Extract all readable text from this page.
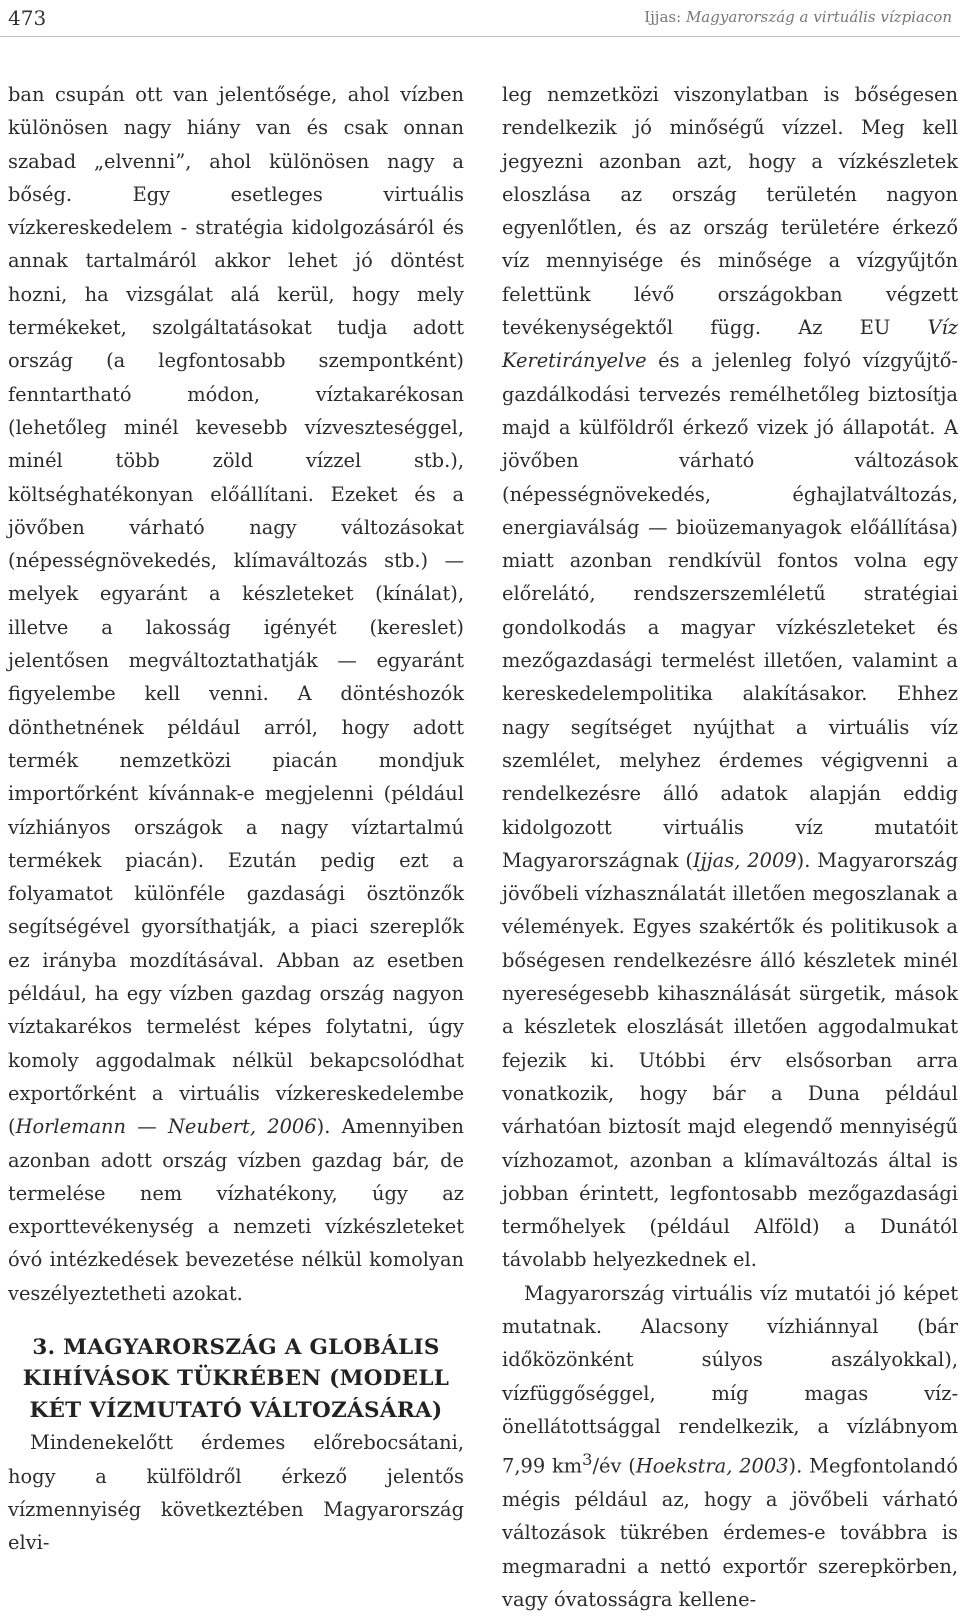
473	Ijjas: Magyarország a virtuális vízpiacon

ban csupán ott van jelentősége, ahol vízben különösen nagy hiány van és csak onnan szabad „elvenni”, ahol különösen nagy a bőség. Egy esetleges virtuális vízkereskedelem - stratégia kidolgozásáról és annak tartalmáról akkor lehet jó döntést hozni, ha vizsgálat alá kerül, hogy mely termékeket, szolgáltatásokat tudja adott ország (a legfontosabb szempontként) fenntartható módon, víztakarékosan (lehetőleg minél kevesebb vízveszteséggel, minél több zöld vízzel stb.), költséghatékonyan előállítani. Ezeket és a jövőben várható nagy változásokat (népességnövekedés, klímaváltozás stb.) — melyek egyaránt a készleteket (kínálat), illetve a lakosság igényét (kereslet) jelentősen megváltoztathatják — egyaránt figyelembe kell venni. A döntéshozók dönthetnének például arról, hogy adott termék nemzetközi piacán mondjuk importőrként kívánnak-e megjelenni (például vízhiányos országok a nagy víztartalmú termékek piacán). Ezután pedig ezt a folyamatot különféle gazdasági ösztönzők segítségével gyorsíthatják, a piaci szereplők ez irányba mozdításával. Abban az esetben például, ha egy vízben gazdag ország nagyon víztakarékos termelést képes folytatni, úgy komoly aggodalmak nélkül bekapcsolódhat exportőrként a virtuális vízkereskedelembe (Horlemann — Neubert, 2006). Amennyiben azonban adott ország vízben gazdag bár, de termelése nem vízhatékony, úgy az exporttevékenység a nemzeti vízkészleteket óvó intézkedések bevezetése nélkül komolyan veszélyeztetheti azokat.

3. MAGYARORSZÁG A GLOBÁLIS KIHÍVÁSOK TÜKRÉBEN (MODELL KÉT VÍZMUTATÓ VÁLTOZÁSÁRA)

Mindenekelőtt érdemes előrebocsátani, hogy a külföldről érkező jelentős vízmennyiség következtében Magyarország elvi-

leg nemzetközi viszonylatban is bőségesen rendelkezik jó minőségű vízzel. Meg kell jegyezni azonban azt, hogy a vízkészletek eloszlása az ország területén nagyon egyenlőtlen, és az ország területére érkező víz mennyisége és minősége a vízgyűjtőn felettünk lévő országokban végzett tevékenységektől függ. Az EU Víz Keretirányelve és a jelenleg folyó vízgyűjtő-gazdálkodási tervezés remélhetőleg biztosítja majd a külföldről érkező vizek jó állapotát. A jövőben várható változások (népességnövekedés, éghajlatváltozás, energiaválság — bioüzemanyagok előállítása) miatt azonban rendkívül fontos volna egy előrelátó, rendszerszemléletű stratégiai gondolkodás a magyar vízkészleteket és mezőgazdasági termelést illetően, valamint a kereskedelempolitika alakításakor. Ehhez nagy segítséget nyújthat a virtuális víz szemlélet, melyhez érdemes végigvenni a rendelkezésre álló adatok alapján eddig kidolgozott virtuális víz mutatóit Magyarországnak (Ijjas, 2009). Magyarország jövőbeli vízhasználatát illetően megoszlanak a vélemények. Egyes szakértők és politikusok a bőségesen rendelkezésre álló készletek minél nyereségesebb kihasználását sürgetik, mások a készletek eloszlását illetően aggodalmukat fejezik ki. Utóbbi érv elsősorban arra vonatkozik, hogy bár a Duna például várhatóan biztosít majd elegendő mennyiségű vízhozamot, azonban a klímaváltozás által is jobban érintett, legfontosabb mezőgazdasági termőhelyek (például Alföld) a Dunától távolabb helyezkednek el.

Magyarország virtuális víz mutatói jó képet mutatnak. Alacsony vízhiánnyal (bár időközönként súlyos aszályokkal), vízfüggőséggel, míg magas víz-önellátottsággal rendelkezik, a vízlábnyom 7,99 $km^3/év$ (Hoekstra, 2003). Megfontolandó mégis például az, hogy a jövőbeli várható változások tükrében érdemes-e továbbra is megmaradni a nettó exportőr szerepkörben, vagy óvatosságra kellene-
